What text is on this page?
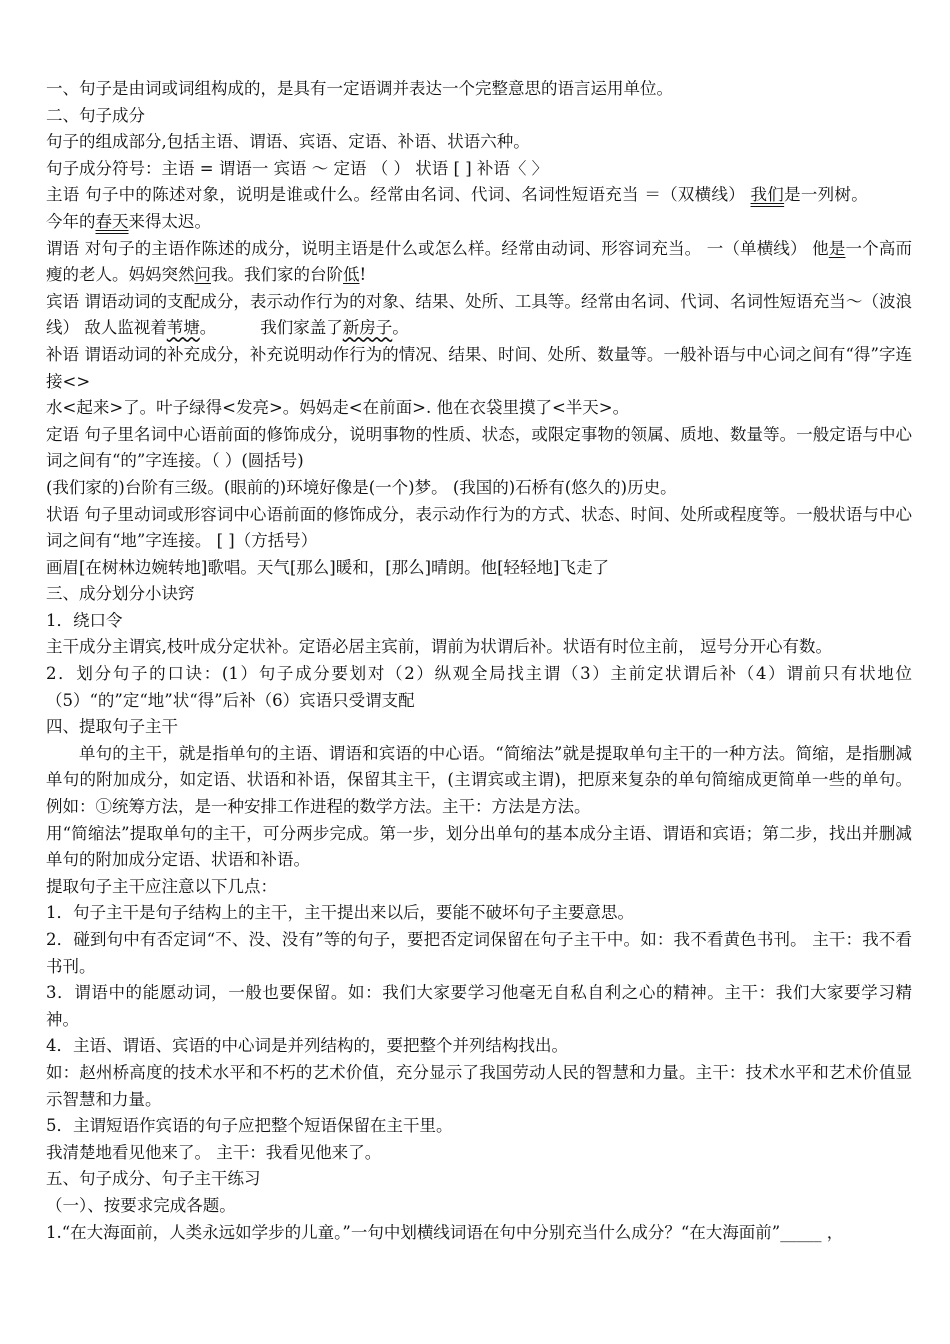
一、句子是由词或词组构成的，是具有一定语调并表达一个完整意思的语言运用单位。

二、句子成分

句子的组成部分,包括主语、谓语、宾语、定语、补语、状语六种。

句子成分符号：主语 = 谓语一 宾语 ～ 定语 （ ） 状语 [ ] 补语〈 〉

主语 句子中的陈述对象，说明是谁或什么。经常由名词、代词、名词性短语充当 ＝（双横线） 我们是一列树。今年的春天来得太迟。

谓语 对句子的主语作陈述的成分，说明主语是什么或怎么样。经常由动词、形容词充当。 一（单横线） 他是一个高而瘦的老人。妈妈突然问我。我们家的台阶低!

宾语 谓语动词的支配成分，表示动作行为的对象、结果、处所、工具等。经常由名词、代词、名词性短语充当～（波浪线） 敌人监视着苇塘。	我们家盖了新房子。

补语 谓语动词的补充成分，补充说明动作行为的情况、结果、时间、处所、数量等。一般补语与中心词之间有“得”字连接<>

水<起来>了。叶子绿得<发亮>。妈妈走<在前面>. 他在衣袋里摸了<半天>。

定语 句子里名词中心语前面的修饰成分，说明事物的性质、状态，或限定事物的领属、质地、数量等。一般定语与中心词之间有“的”字连接。（ ）(圆括号)

(我们家的)台阶有三级。(眼前的)环境好像是(一个)梦。 (我国的)石桥有(悠久的)历史。

状语 句子里动词或形容词中心语前面的修饰成分，表示动作行为的方式、状态、时间、处所或程度等。一般状语与中心词之间有“地”字连接。 [ ]（方括号）

画眉[在树林边婉转地]歌唱。天气[那么]暖和，[那么]晴朗。他[轻轻地]飞走了

三、成分划分小诀窍

1．绕口令

主干成分主谓宾,枝叶成分定状补。定语必居主宾前，谓前为状谓后补。状语有时位主前， 逗号分开心有数。

2．划分句子的口诀：(1）句子成分要划对（2）纵观全局找主谓（3）主前定状谓后补（4）谓前只有状地位（5）“的”定“地”状“得”后补（6）宾语只受谓支配

四、提取句子主干

单句的主干，就是指单句的主语、谓语和宾语的中心语。“简缩法”就是提取单句主干的一种方法。简缩，是指删减单句的附加成分，如定语、状语和补语，保留其主干，(主谓宾或主谓)，把原来复杂的单句简缩成更简单一些的单句。例如：①统筹方法，是一种安排工作进程的数学方法。主干：方法是方法。

用“简缩法”提取单句的主干，可分两步完成。第一步，划分出单句的基本成分主语、谓语和宾语；第二步，找出并删减单句的附加成分定语、状语和补语。

提取句子主干应注意以下几点：

1．句子主干是句子结构上的主干，主干提出来以后，要能不破坏句子主要意思。

2．碰到句中有否定词“不、没、没有”等的句子，要把否定词保留在句子主干中。如：我不看黄色书刊。 主干：我不看书刊。

3．谓语中的能愿动词，一般也要保留。如：我们大家要学习他毫无自私自利之心的精神。主干：我们大家要学习精神。

4．主语、谓语、宾语的中心词是并列结构的，要把整个并列结构找出。

如：赵州桥高度的技术水平和不朽的艺术价值，充分显示了我国劳动人民的智慧和力量。主干：技术水平和艺术价值显示智慧和力量。

5．主谓短语作宾语的句子应把整个短语保留在主干里。

我清楚地看见他来了。 主干：我看见他来了。

五、句子成分、句子主干练习

（一）、按要求完成各题。

1.“在大海面前，人类永远如学步的儿童。”一句中划横线词语在句中分别充当什么成分？“在大海面前”_____ ，
